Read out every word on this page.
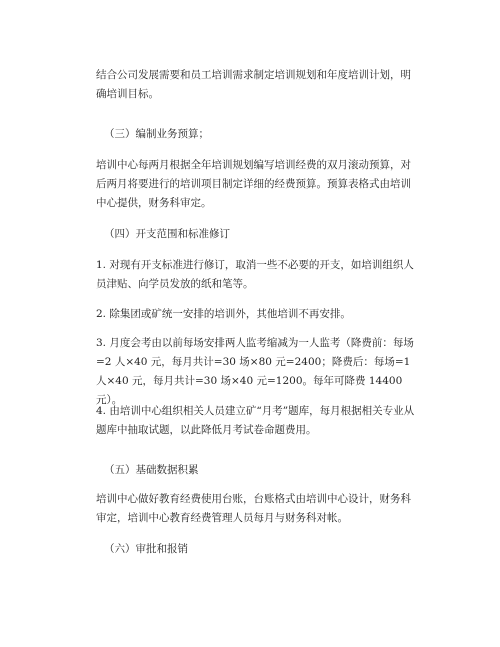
结合公司发展需要和员工培训需求制定培训规划和年度培训计划，明确培训目标。

（三）编制业务预算；

培训中心每两月根据全年培训规划编写培训经费的双月滚动预算，对后两月将要进行的培训项目制定详细的经费预算。预算表格式由培训中心提供，财务科审定。

（四）开支范围和标准修订

1. 对现有开支标准进行修订，取消一些不必要的开支，如培训组织人员津贴、向学员发放的纸和笔等。

2. 除集团或矿统一安排的培训外，其他培训不再安排。

3. 月度会考由以前每场安排两人监考缩减为一人监考（降费前：每场=2 人×40 元，每月共计=30 场×80 元=2400；降费后：每场=1 人×40 元，每月共计=30 场×40 元=1200。每年可降费 14400 元）。

4. 由培训中心组织相关人员建立矿“月考”题库，每月根据相关专业从题库中抽取试题，以此降低月考试卷命题费用。

（五）基础数据积累

培训中心做好教育经费使用台账，台账格式由培训中心设计，财务科审定，培训中心教育经费管理人员每月与财务科对帐。

（六）审批和报销
